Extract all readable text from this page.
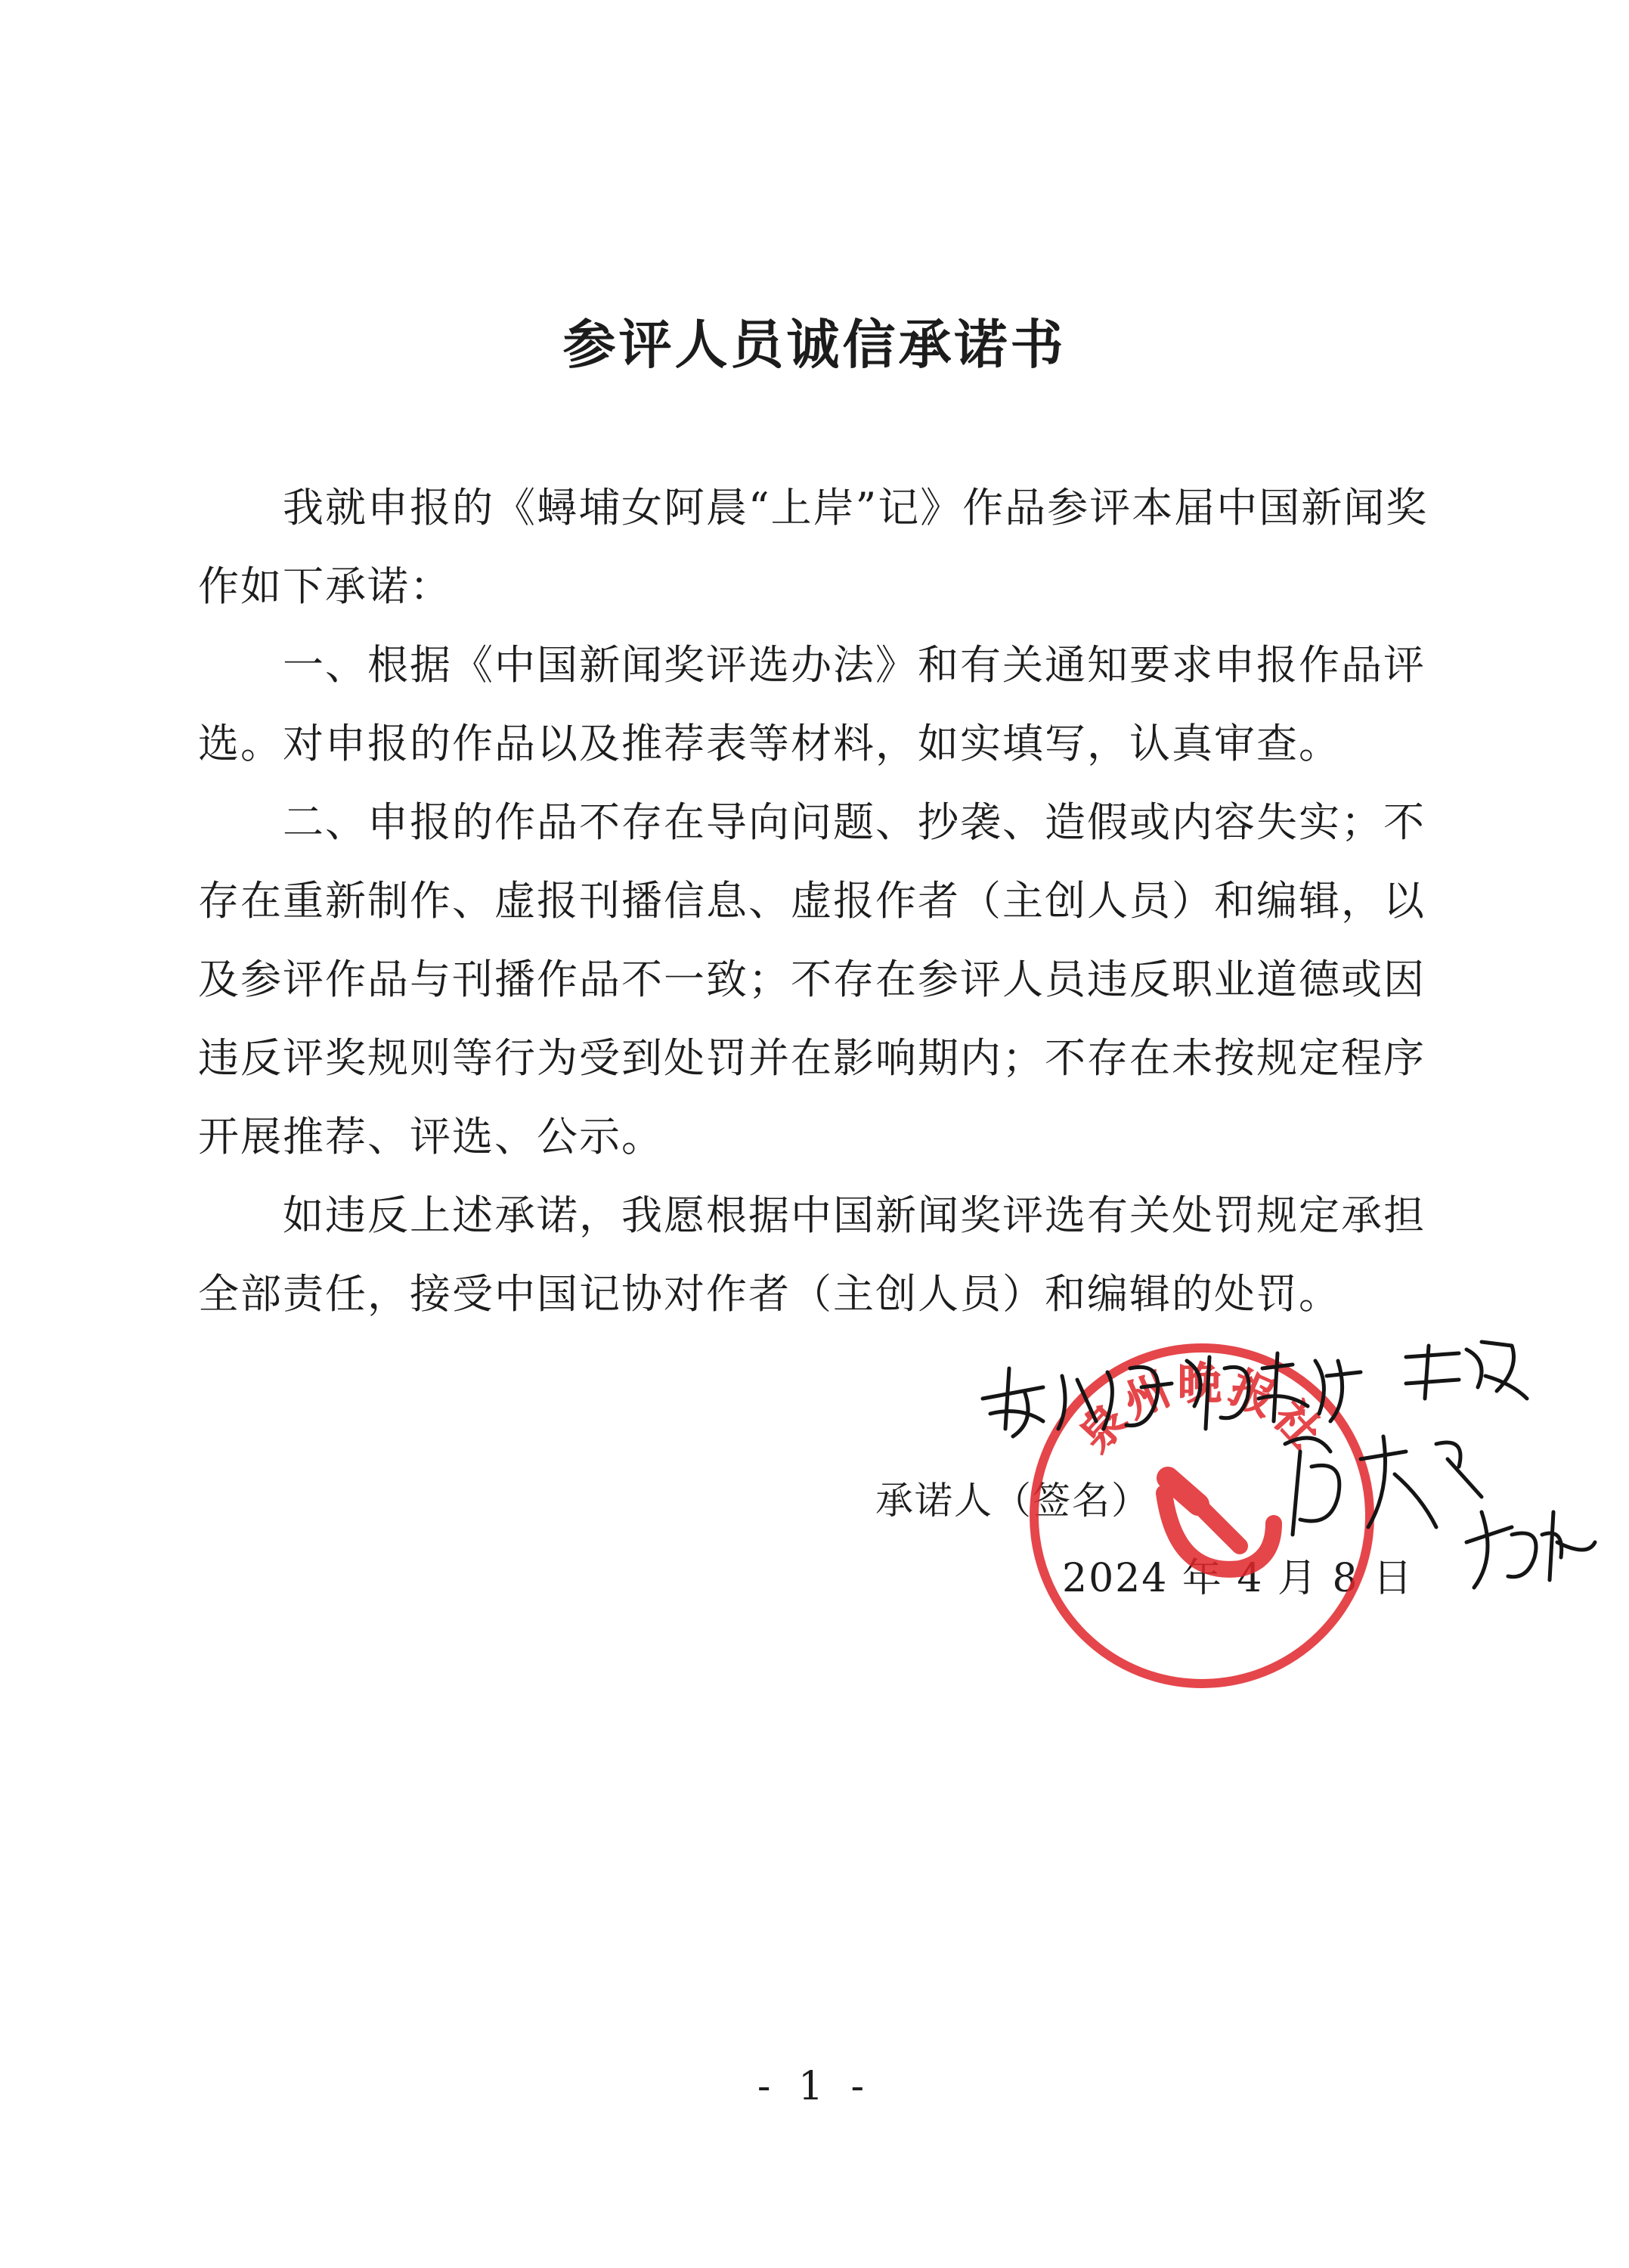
参评人员诚信承诺书

我就申报的《蟳埔女阿晨“上岸”记》作品参评本届中国新闻奖作如下承诺：

一、根据《中国新闻奖评选办法》和有关通知要求申报作品评选。对申报的作品以及推荐表等材料，如实填写，认真审查。

二、申报的作品不存在导向问题、抄袭、造假或内容失实；不存在重新制作、虚报刊播信息、虚报作者（主创人员）和编辑，以及参评作品与刊播作品不一致；不存在参评人员违反职业道德或因违反评奖规则等行为受到处罚并在影响期内；不存在未按规定程序开展推荐、评选、公示。

如违反上述承诺，我愿根据中国新闻奖评选有关处罚规定承担全部责任，接受中国记协对作者（主创人员）和编辑的处罚。

承诺人（签名）
2024 年 4 月 8 日
泉州晚报社
- 1 -
